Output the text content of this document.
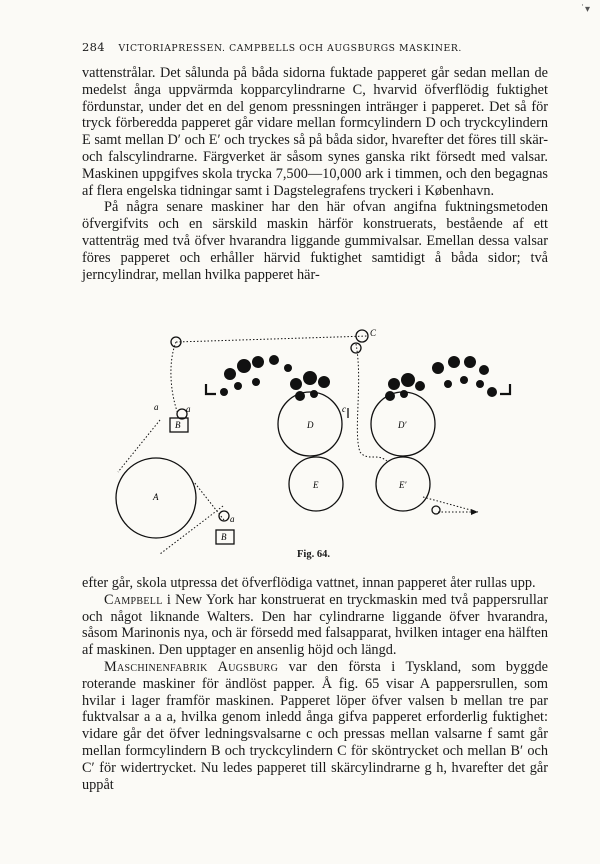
˙▾
284 VICTORIAPRESSEN. CAMPBELLS OCH AUGSBURGS MASKINER.

vattenstrålar. Det sålunda på båda sidorna fuktade papperet går sedan mellan de medelst ånga uppvärmda kopparcylindrarne C, hvarvid öfverflödig fuktighet fördunstar, under det en del genom pressningen inträнger i papperet. Det så för tryck förberedda papperet går vidare mellan formcylindern D och tryckcylindern E samt mellan D′ och E′ och tryckes så på båda sidor, hvarefter det föres till skär- och falscylindrarne. Färgverket är såsom synes ganska rikt försedt med valsar. Maskinen uppgifves skola trycka 7,500—10,000 ark i timmen, och den begagnas af flera engelska tidningar samt i Dagstelegrafens tryckeri i København.

På några senare maskiner har den här ofvan angifna fuktningsmetoden öfvergifvits och en särskild maskin härför konstruerats, bestående af ett vattenträg med två öfver hvarandra liggande gummivalsar. Emellan dessa valsar föres papperet och erhåller härvid fuktighet samtidigt å båda sidor; två jerncylindrar, mellan hvilka papperet här-

A
B
B
C
D	D′
E	E′
a	a
a
c
Fig. 64.

efter går, skola utpressa det öfverflödiga vattnet, innan papperet åter rullas upp.

Campbell i New York har konstruerat en tryckmaskin med två pappersrullar och något liknande Walters. Den har cylindrarne liggande öfver hvarandra, såsom Marinonis nya, och är försedd med falsapparat, hvilken intager ena hälften af maskinen. Den upptager en ansenlig höjd och längd.

Maschinenfabrik Augsburg var den första i Tyskland, som byggde roterande maskiner för ändlöst papper. Å fig. 65 visar A pappersrullen, som hvilar i lager framför maskinen. Papperet löper öfver valsen b mellan tre par fuktvalsar a a a, hvilka genom inledd ånga gifva papperet erforderlig fuktighet: vidare går det öfver ledningsvalsarne c och pressas mellan valsarne f samt går mellan formcylindern B och tryckcylindern C för sköntrycket och mellan B′ och C′ för widertrycket. Nu ledes papperet till skärcylindrarne g h, hvarefter det går uppåt
